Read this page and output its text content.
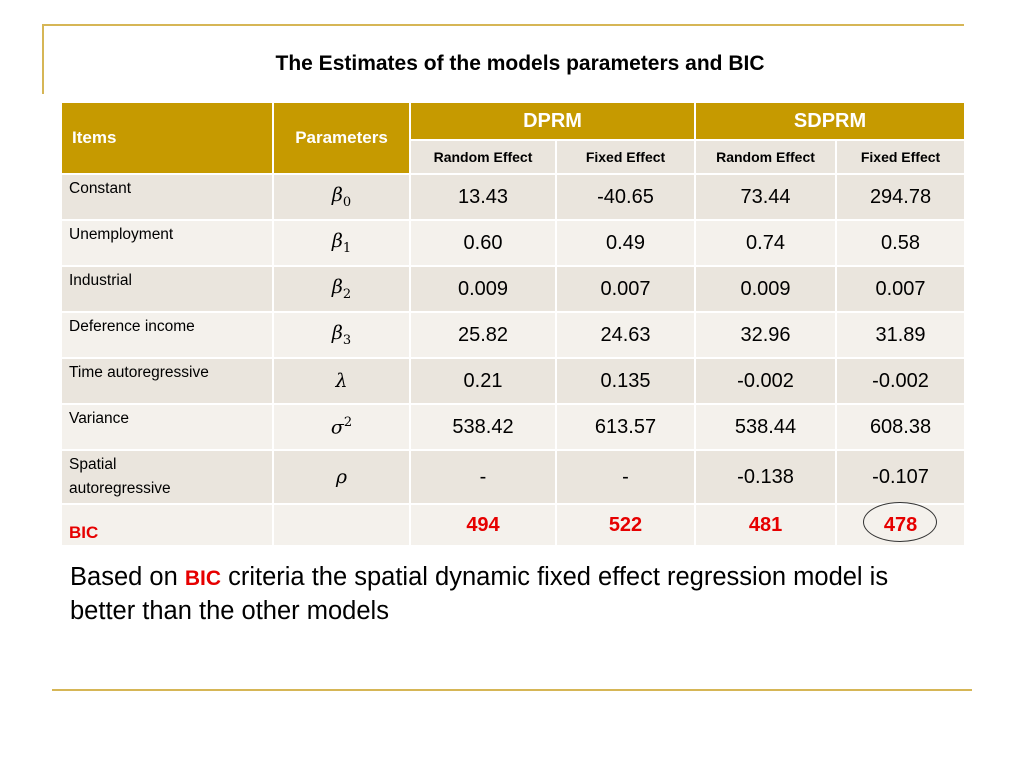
The Estimates of the models parameters and BIC
Items	Parameters	DPRM		SDPRM	
		Random Effect	Fixed Effect	Random Effect	Fixed Effect
Constant	$\beta_0$	13.43	-40.65	73.44	294.78
Unemployment	$\beta_1$	0.60	0.49	0.74	0.58
Industrial	$\beta_2$	0.009	0.007	0.009	0.007
Deference income	$\beta_3$	25.82	24.63	32.96	31.89
Time autoregressive	λ	0.21	0.135	-0.002	-0.002
Variance	$\sigma^2$	538.42	613.57	538.44	608.38
Spatial autoregressive	ρ	-	-	-0.138	-0.107
BIC		494	522	481	478
Based on BIC criteria the spatial dynamic fixed effect regression model is better than the other models
